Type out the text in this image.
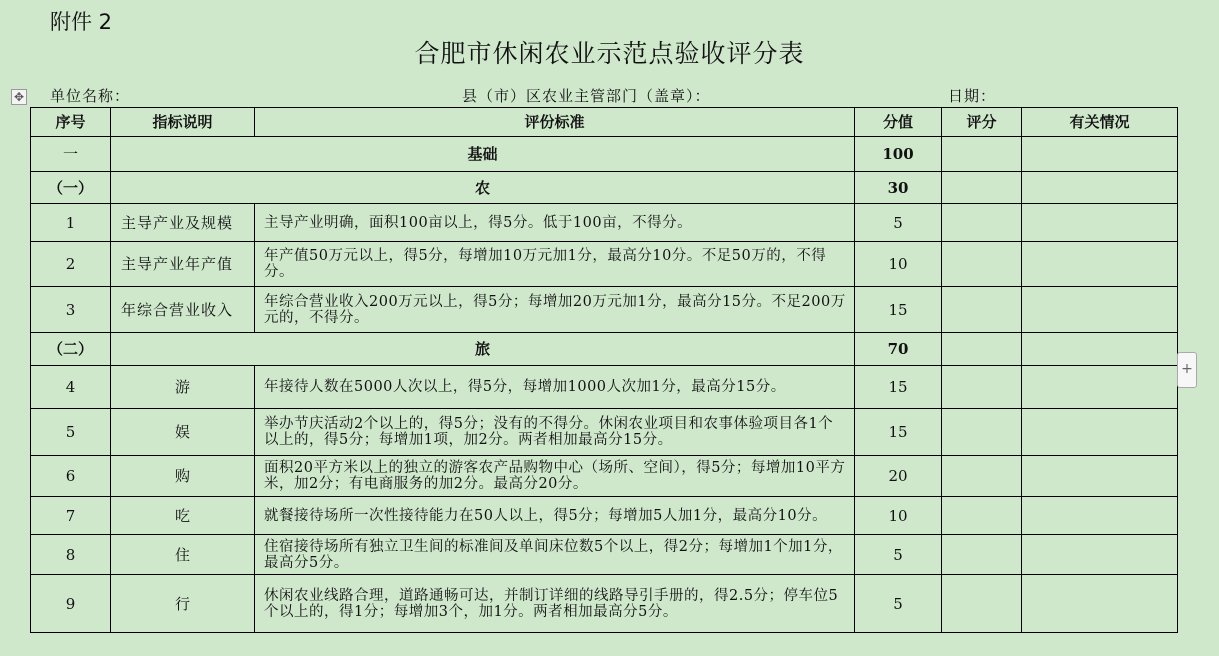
附件 2
合肥市休闲农业示范点验收评分表
✥ 单位名称：	县（市）区农业主管部门（盖章）：	日期：
序号	指标说明	评份标准	分值	评分	有关情况
一	基础		100		
（一）	农		30		
1	主导产业及规模	主导产业明确，面积100亩以上，得5分。低于100亩，不得分。	5		
2	主导产业年产值	年产值50万元以上，得5分，每增加10万元加1分，最高分10分。不足50万的，不得分。	10		
3	年综合营业收入	年综合营业收入200万元以上，得5分；每增加20万元加1分，最高分15分。不足200万元的，不得分。	15		
（二）	旅		70		
4	游	年接待人数在5000人次以上，得5分，每增加1000人次加1分，最高分15分。	15		
5	娱	举办节庆活动2个以上的，得5分；没有的不得分。休闲农业项目和农事体验项目各1个以上的，得5分；每增加1项，加2分。两者相加最高分15分。	15		
6	购	面积20平方米以上的独立的游客农产品购物中心（场所、空间），得5分；每增加10平方米，加2分；有电商服务的加2分。最高分20分。	20		
7	吃	就餐接待场所一次性接待能力在50人以上，得5分；每增加5人加1分，最高分10分。	10		
8	住	住宿接待场所有独立卫生间的标准间及单间床位数5个以上，得2分；每增加1个加1分，最高分5分。	5		
9	行	休闲农业线路合理，道路通畅可达，并制订详细的线路导引手册的，得2.5分；停车位5个以上的，得1分；每增加3个，加1分。两者相加最高分5分。	5		
+
